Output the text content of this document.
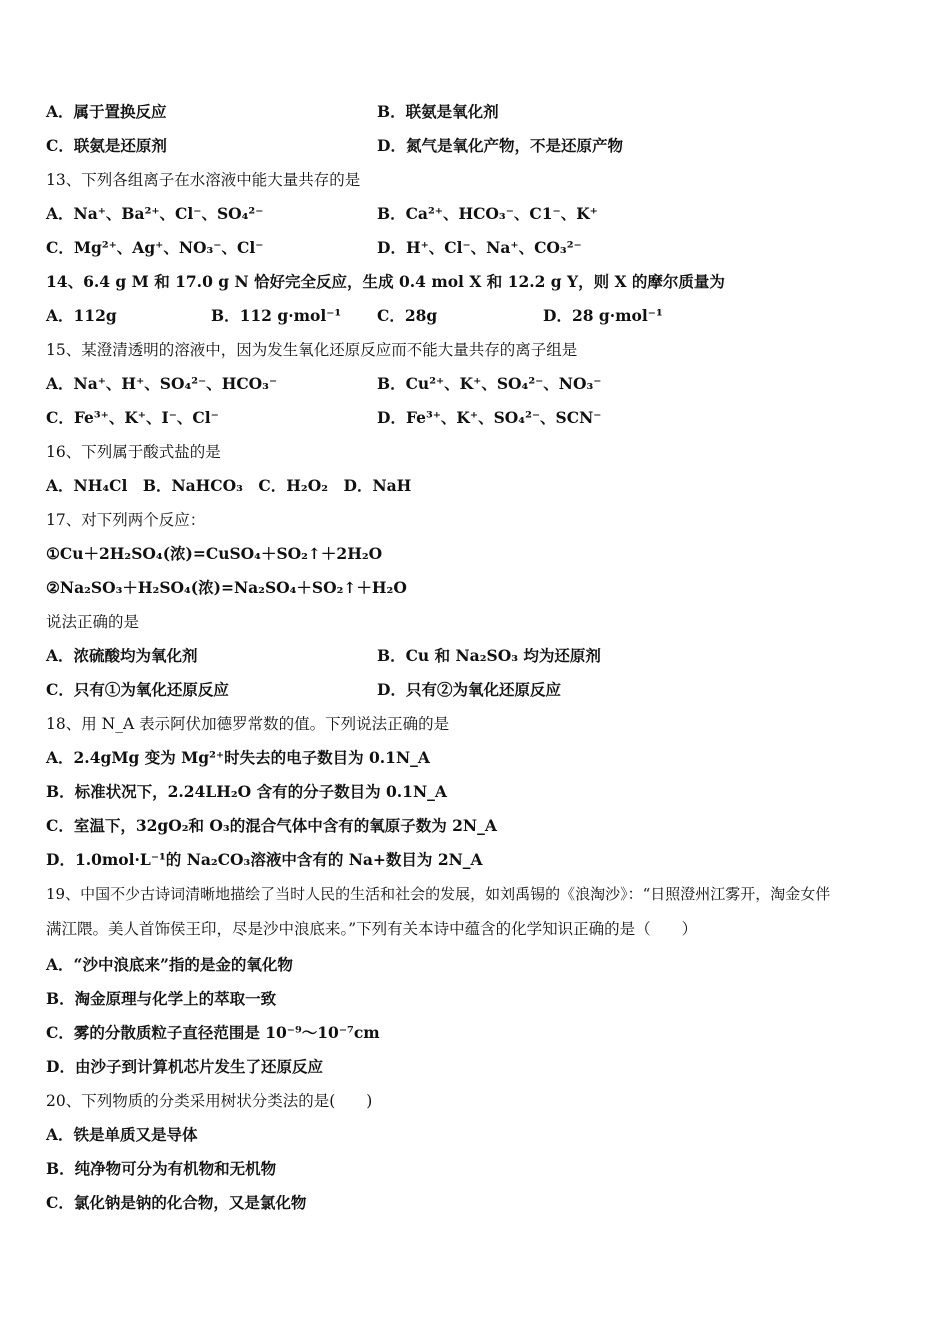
A．属于置换反应	B．联氨是氧化剂
C．联氨是还原剂	D．氮气是氧化产物，不是还原产物
13、下列各组离子在水溶液中能大量共存的是
A．Na⁺、Ba²⁺、Cl⁻、SO₄²⁻	B．Ca²⁺、HCO₃⁻、C1⁻、K⁺
C．Mg²⁺、Ag⁺、NO₃⁻、Cl⁻	D．H⁺、Cl⁻、Na⁺、CO₃²⁻
14、6.4 g M 和 17.0 g N 恰好完全反应，生成 0.4 mol X 和 12.2 g Y，则 X 的摩尔质量为
A．112g	B．112 g·mol⁻¹ C．28g	D．28 g·mol⁻¹
15、某澄清透明的溶液中，因为发生氧化还原反应而不能大量共存的离子组是
A．Na⁺、H⁺、SO₄²⁻、HCO₃⁻	B．Cu²⁺、K⁺、SO₄²⁻、NO₃⁻
C．Fe³⁺、K⁺、I⁻、Cl⁻	D．Fe³⁺、K⁺、SO₄²⁻、SCN⁻
16、下列属于酸式盐的是
A．NH₄Cl　B．NaHCO₃　C．H₂O₂　D．NaH
17、对下列两个反应：
①Cu＋2H₂SO₄(浓)=CuSO₄＋SO₂↑＋2H₂O
②Na₂SO₃＋H₂SO₄(浓)=Na₂SO₄＋SO₂↑＋H₂O
说法正确的是
A．浓硫酸均为氧化剂	B．Cu 和 Na₂SO₃ 均为还原剂
C．只有①为氧化还原反应	D．只有②为氧化还原反应
18、用 N_A 表示阿伏加德罗常数的值。下列说法正确的是
A．2.4gMg 变为 Mg²⁺时失去的电子数目为 0.1N_A
B．标准状况下，2.24LH₂O 含有的分子数目为 0.1N_A
C．室温下，32gO₂和 O₃的混合气体中含有的氧原子数为 2N_A
D．1.0mol·L⁻¹的 Na₂CO₃溶液中含有的 Na+数目为 2N_A
19、中国不少古诗词清晰地描绘了当时人民的生活和社会的发展，如刘禹锡的《浪淘沙》：“日照澄州江雾开，淘金女伴
满江隈。美人首饰侯王印，尽是沙中浪底来。”下列有关本诗中蕴含的化学知识正确的是（　　）
A．“沙中浪底来”指的是金的氧化物
B．淘金原理与化学上的萃取一致
C．雾的分散质粒子直径范围是 10⁻⁹～10⁻⁷cm
D．由沙子到计算机芯片发生了还原反应
20、下列物质的分类采用树状分类法的是(　　)
A．铁是单质又是导体
B．纯净物可分为有机物和无机物
C．氯化钠是钠的化合物，又是氯化物
